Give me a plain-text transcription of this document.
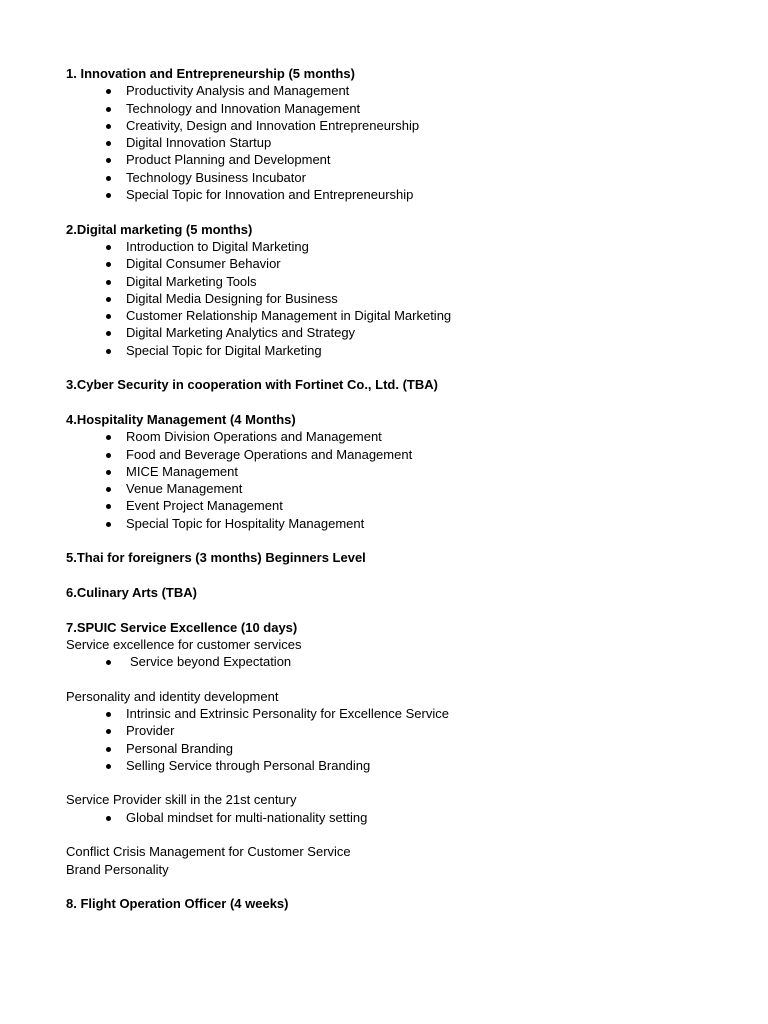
1. Innovation and Entrepreneurship (5 months)
Productivity Analysis and Management
Technology and Innovation Management
Creativity, Design and Innovation Entrepreneurship
Digital Innovation Startup
Product Planning and Development
Technology Business Incubator
Special Topic for Innovation and Entrepreneurship
2.Digital marketing (5 months)
Introduction to Digital Marketing
Digital Consumer Behavior
Digital Marketing Tools
Digital Media Designing for Business
Customer Relationship Management in Digital Marketing
Digital Marketing Analytics and Strategy
Special Topic for Digital Marketing
3.Cyber Security in cooperation with Fortinet Co., Ltd. (TBA)
4.Hospitality Management (4 Months)
Room Division Operations and Management
Food and Beverage Operations and Management
MICE Management
Venue Management
Event Project Management
Special Topic for Hospitality Management
5.Thai for foreigners (3 months) Beginners Level
6.Culinary Arts (TBA)
7.SPUIC Service Excellence (10 days)
Service excellence for customer services
Service beyond Expectation
Personality and identity development
Intrinsic and Extrinsic Personality for Excellence Service
Provider
Personal Branding
Selling Service through Personal Branding
Service Provider skill in the 21st century
Global mindset for multi-nationality setting
Conflict Crisis Management for Customer Service
Brand Personality
8. Flight Operation Officer (4 weeks)
